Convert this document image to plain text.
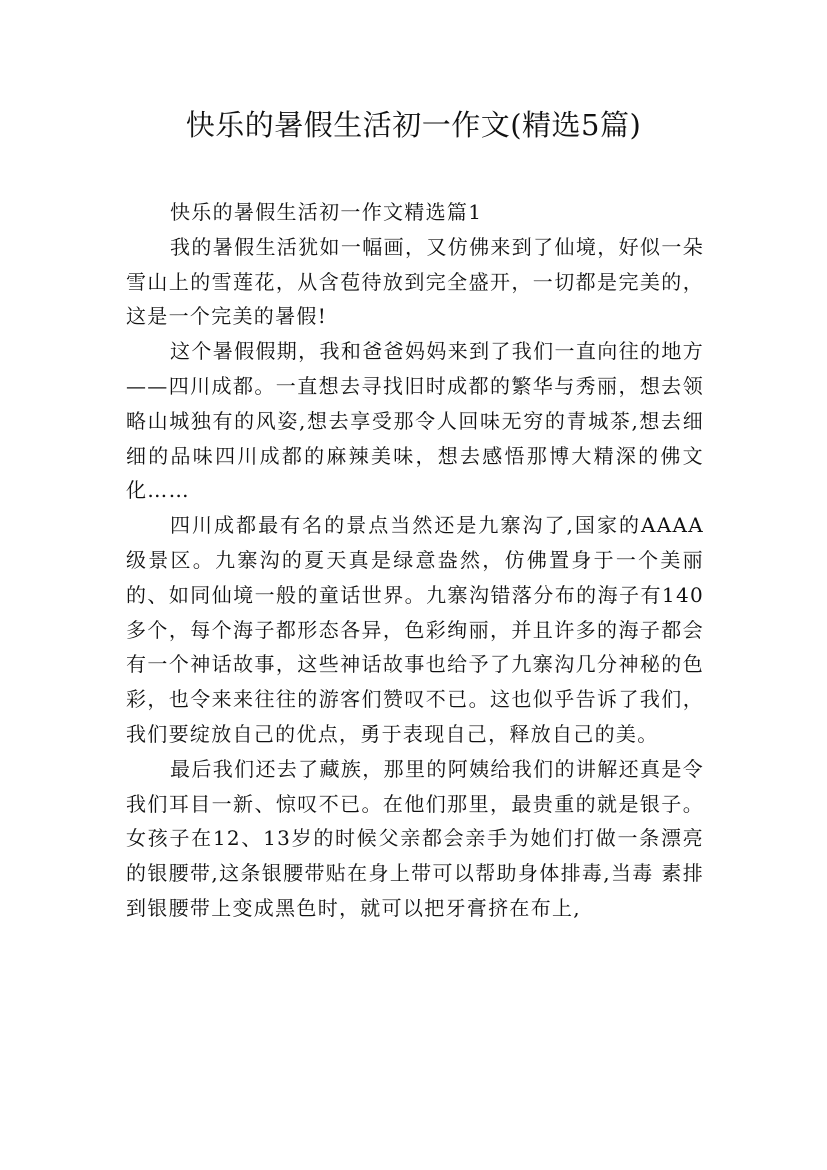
快乐的暑假生活初一作文(精选5篇)

快乐的暑假生活初一作文精选篇1

我的暑假生活犹如一幅画，又仿佛来到了仙境，好似一朵雪山上的雪莲花，从含苞待放到完全盛开，一切都是完美的，这是一个完美的暑假!

这个暑假假期，我和爸爸妈妈来到了我们一直向往的地方——四川成都。一直想去寻找旧时成都的繁华与秀丽，想去领略山城独有的风姿,想去享受那令人回味无穷的青城茶,想去细细的品味四川成都的麻辣美味，想去感悟那博大精深的佛文化……

四川成都最有名的景点当然还是九寨沟了,国家的AAAA级景区。九寨沟的夏天真是绿意盎然，仿佛置身于一个美丽的、如同仙境一般的童话世界。九寨沟错落分布的海子有140多个，每个海子都形态各异，色彩绚丽，并且许多的海子都会有一个神话故事，这些神话故事也给予了九寨沟几分神秘的色彩，也令来来往往的游客们赞叹不已。这也似乎告诉了我们，我们要绽放自己的优点，勇于表现自己，释放自己的美。

最后我们还去了藏族，那里的阿姨给我们的讲解还真是令我们耳目一新、惊叹不已。在他们那里，最贵重的就是银子。女孩子在12、13岁的时候父亲都会亲手为她们打做一条漂亮的银腰带,这条银腰带贴在身上带可以帮助身体排毒,当毒 素排到银腰带上变成黑色时，就可以把牙膏挤在布上,
